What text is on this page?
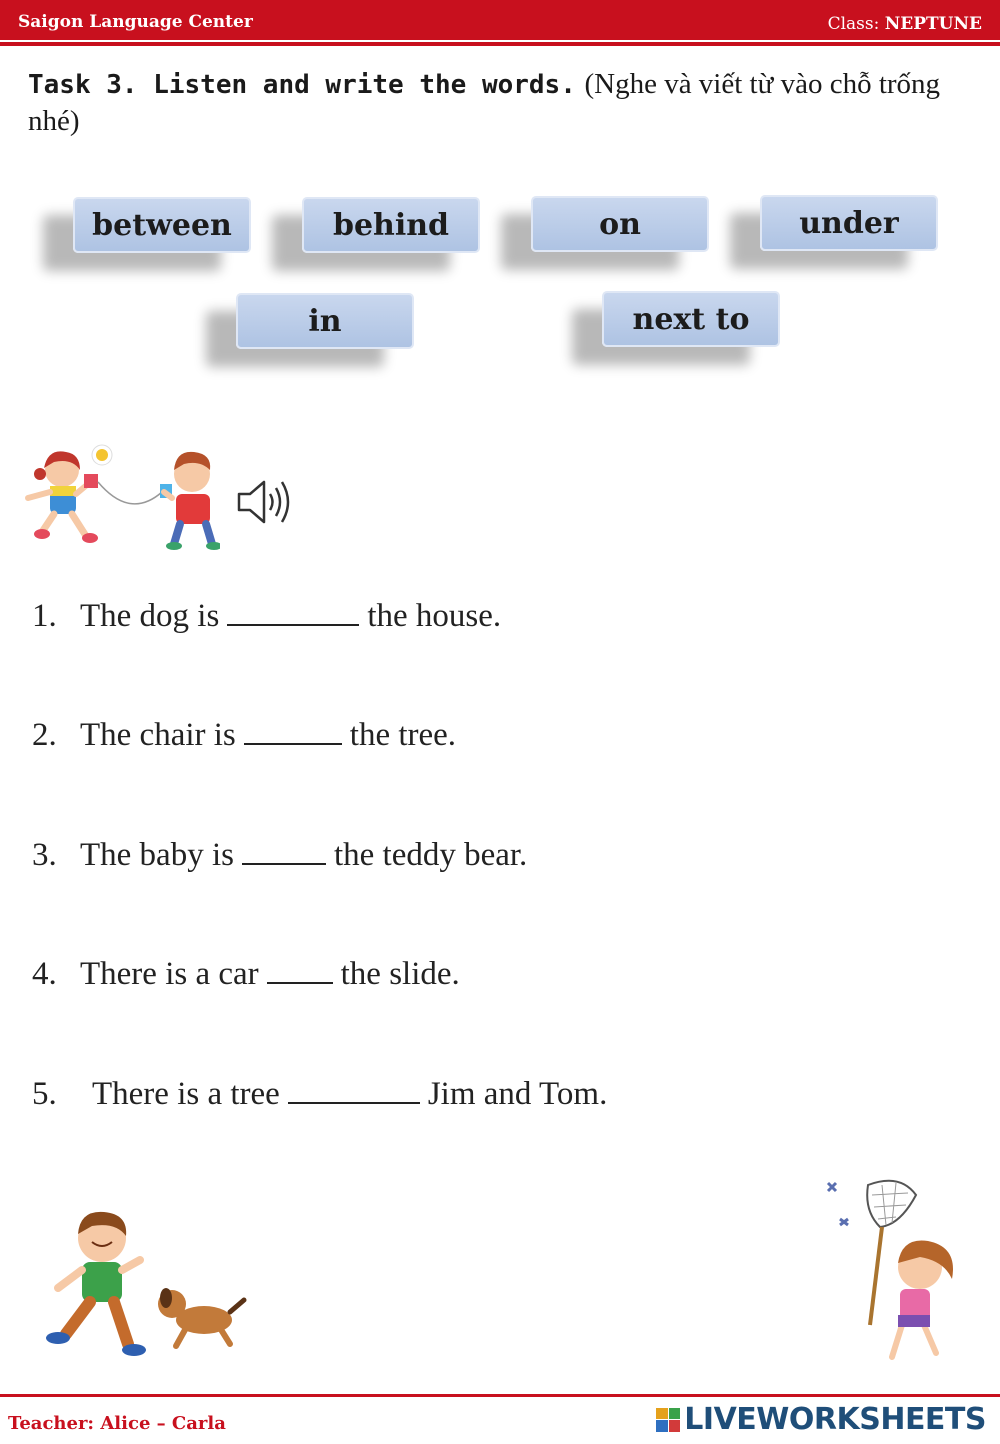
Saigon Language Center	Class: NEPTUNE
Task 3. Listen and write the words. (Nghe và viết từ vào chỗ trống nhé)
between	behind	on	under
in	next to
1. The dog is	the house.
2. The chair is	the tree.
3. The baby is	the teddy bear.
4. There is a car the slide.
5. There is a tree	Jim and Tom.
Teacher: Alice – Carla	LIVEWORKSHEETS
